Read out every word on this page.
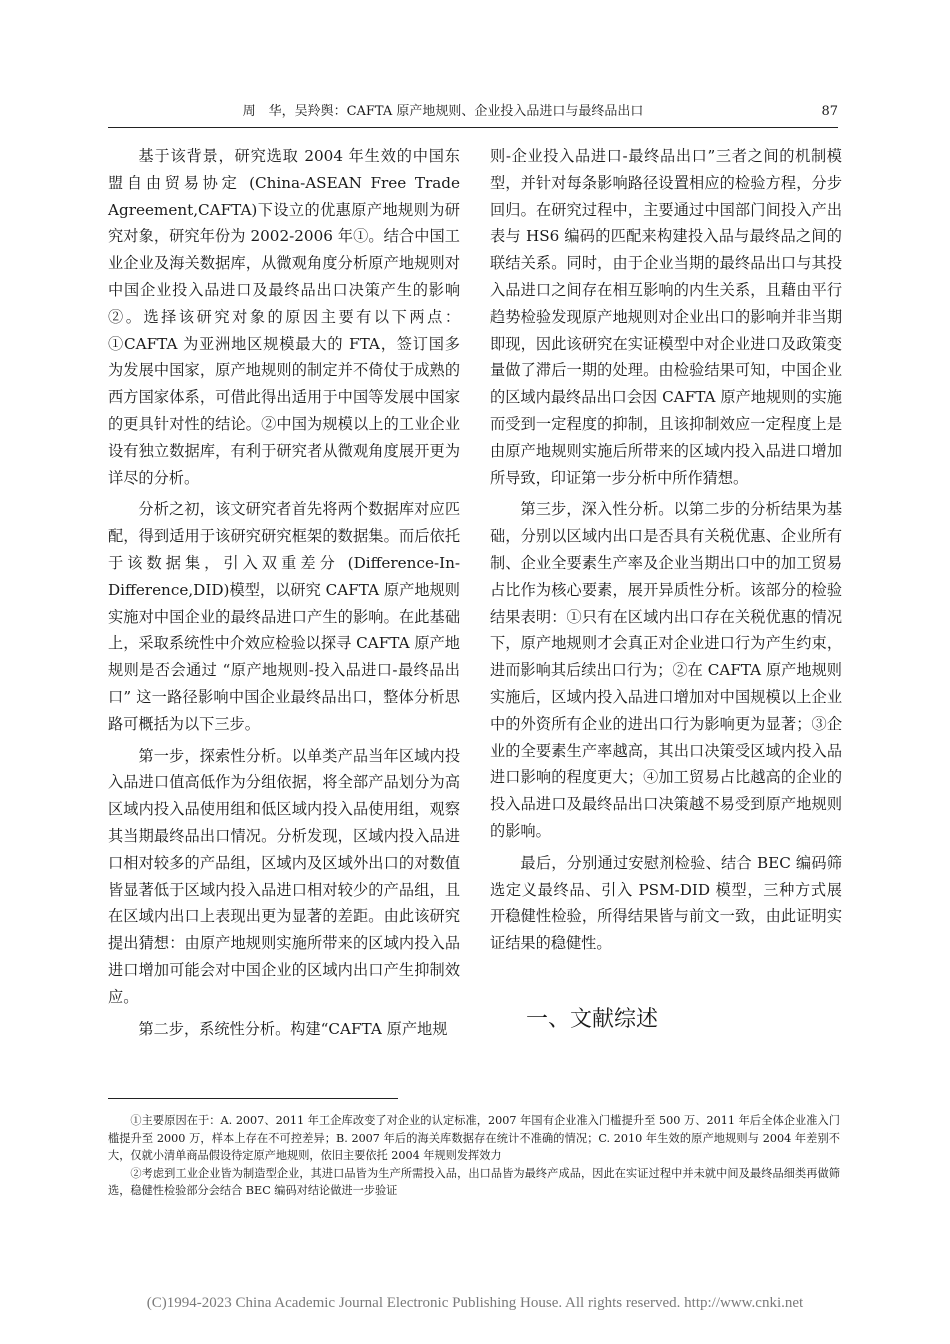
周　华，吴羚舆：CAFTA 原产地规则、企业投入品进口与最终品出口	87

基于该背景，研究选取 2004 年生效的中国东盟自由贸易协定 (China-ASEAN Free Trade Agreement,CAFTA)下设立的优惠原产地规则为研究对象，研究年份为 2002-2006 年①。结合中国工业企业及海关数据库，从微观角度分析原产地规则对中国企业投入品进口及最终品出口决策产生的影响②。选择该研究对象的原因主要有以下两点：①CAFTA 为亚洲地区规模最大的 FTA，签订国多为发展中国家，原产地规则的制定并不倚仗于成熟的西方国家体系，可借此得出适用于中国等发展中国家的更具针对性的结论。②中国为规模以上的工业企业设有独立数据库，有利于研究者从微观角度展开更为详尽的分析。

分析之初，该文研究者首先将两个数据库对应匹配，得到适用于该研究研究框架的数据集。而后依托于该数据集，引入双重差分 (Difference-In-Difference,DID)模型，以研究 CAFTA 原产地规则实施对中国企业的最终品进口产生的影响。在此基础上，采取系统性中介效应检验以探寻 CAFTA 原产地规则是否会通过 “原产地规则-投入品进口-最终品出口” 这一路径影响中国企业最终品出口，整体分析思路可概括为以下三步。

第一步，探索性分析。以单类产品当年区域内投入品进口值高低作为分组依据，将全部产品划分为高区域内投入品使用组和低区域内投入品使用组，观察其当期最终品出口情况。分析发现，区域内投入品进口相对较多的产品组，区域内及区域外出口的对数值皆显著低于区域内投入品进口相对较少的产品组，且在区域内出口上表现出更为显著的差距。由此该研究提出猜想：由原产地规则实施所带来的区域内投入品进口增加可能会对中国企业的区域内出口产生抑制效应。

第二步，系统性分析。构建“CAFTA 原产地规

则-企业投入品进口-最终品出口”三者之间的机制模型，并针对每条影响路径设置相应的检验方程，分步回归。在研究过程中，主要通过中国部门间投入产出表与 HS6 编码的匹配来构建投入品与最终品之间的联结关系。同时，由于企业当期的最终品出口与其投入品进口之间存在相互影响的内生关系，且藉由平行趋势检验发现原产地规则对企业出口的影响并非当期即现，因此该研究在实证模型中对企业进口及政策变量做了滞后一期的处理。由检验结果可知，中国企业的区域内最终品出口会因 CAFTA 原产地规则的实施而受到一定程度的抑制，且该抑制效应一定程度上是由原产地规则实施后所带来的区域内投入品进口增加所导致，印证第一步分析中所作猜想。

第三步，深入性分析。以第二步的分析结果为基础，分别以区域内出口是否具有关税优惠、企业所有制、企业全要素生产率及企业当期出口中的加工贸易占比作为核心要素，展开异质性分析。该部分的检验结果表明：①只有在区域内出口存在关税优惠的情况下，原产地规则才会真正对企业进口行为产生约束，进而影响其后续出口行为；②在 CAFTA 原产地规则实施后，区域内投入品进口增加对中国规模以上企业中的外资所有企业的进出口行为影响更为显著；③企业的全要素生产率越高，其出口决策受区域内投入品进口影响的程度更大；④加工贸易占比越高的企业的投入品进口及最终品出口决策越不易受到原产地规则的影响。

最后，分别通过安慰剂检验、结合 BEC 编码筛选定义最终品、引入 PSM-DID 模型，三种方式展开稳健性检验，所得结果皆与前文一致，由此证明实证结果的稳健性。

一、文献综述

①主要原因在于：A. 2007、2011 年工企库改变了对企业的认定标准，2007 年国有企业准入门槛提升至 500 万、2011 年后全体企业准入门槛提升至 2000 万，样本上存在不可控差异；B. 2007 年后的海关库数据存在统计不准确的情况；C. 2010 年生效的原产地规则与 2004 年差别不大，仅就小清单商品假设待定原产地规则，依旧主要依托 2004 年规则发挥效力

②考虑到工业企业皆为制造型企业，其进口品皆为生产所需投入品，出口品皆为最终产成品，因此在实证过程中并未就中间及最终品细类再做筛选，稳健性检验部分会结合 BEC 编码对结论做进一步验证

(C)1994-2023 China Academic Journal Electronic Publishing House. All rights reserved. http://www.cnki.net
